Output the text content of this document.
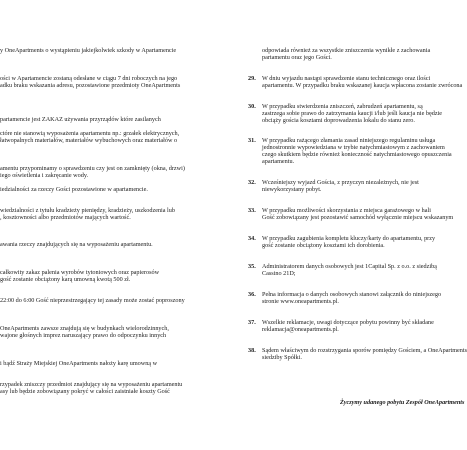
y OneApartments o wystąpieniu jakiejkolwiek szkody w Apartamencie
ości w Apartamencie zostaną odesłane w ciągu 7 dni roboczych na jego
adku braku wskazania adresu, pozostawione przedmioty OneApartments
partamencie jest ZAKAZ używania przyrządów które zasilanych
ctóre nie stanowią wyposażenia apartamentu np.: grzałek elektrycznych,
łatwopalnych materiałów, materiałów wybuchowych oraz materiałów o
amentu przypominamy o sprawdzeniu czy jest on zamknięty (okna, drzwi)
iego oświetlenia i zakręcanie wody.
iedzialności za rzeczy Gości pozostawione w apartamencie.
wiedzialności z tytułu kradzieży pieniędzy, kradzieży, uszkodzenia lub
, kosztowności albo przedmiotów mających wartość.
awania rzeczy znajdujących się na wyposażeniu apartamentu.
całkowity zakaz palenia wyrobów tytoniowych oraz papierosów
gość zostanie obciążony karą umowną kwotą 500 zł.
22:00 do 6:00 Gość nieprzestrzegający tej zasady może zostać poproszony
OneApartments zawsze znajdują się w budynkach wielorodzinnych,
wajone głośnych imprez naruszający prawo do odpoczynku innych
i bądź Straży Miejskiej OneApartments nałoży karę umowną w
rzypadek zniszczy przedmiot znajdujący się na wyposażeniu apartamentu
asy lub będzie zobowiązany pokryć w całości zaistniałe koszty Gość
odpowiada również za wszystkie zniszczenia wynikłe z zachowania
partamentu oraz jego Gości.
29. W dniu wyjazdu nastąpi sprawdzenie stanu technicznego oraz ilości
apartamentu. W przypadku braku wskazanej kaucja wpłacona zostanie zwrócona
30. W przypadku stwierdzenia zniszczeń, zabrudzeń apartamentu, są
zastrzega sobie prawo do zatrzymania kaucji i/lub jeśli kaucja nie będzie
obciąży gościa kosztami doprowadzenia lokalu do stanu zero.
31. W przypadku rażącego złamania zasad niniejszego regulaminu usługa
jednostronnie wypowiedziana w trybie natychmiastowym z zachowaniem
czego skutkiem będzie również konieczność natychmiastowego opuszczenia
apartamentu.
32. Wcześniejszy wyjazd Gościa, z przyczyn niezależnych, nie jest
niewykorzystany pobyt.
33. W przypadku możliwości skorzystania z miejsca garażowego w hali
Gość zobowiązany jest pozostawić samochód wyłącznie miejscu wskazanym
34. W przypadku zagubienia kompletu kluczy/karty do apartamentu, przy
gość zostanie obciążony kosztami ich dorobienia.
35. Administratorem danych osobowych jest 1Capital Sp. z o.o. z siedzibą
Cassino 21D;
36. Pełna informacja o danych osobowych stanowi załącznik do niniejszego
stronie www.oneapartments.pl.
37. Wszelkie reklamacje, uwagi dotyczące pobytu powinny być składane
reklamacja@oneapartments.pl.
38. Sądem właściwym do rozstrzygania sporów pomiędzy Gościem, a OneApartments
siedziby Spółki.
Życzymy udanego pobytu Zespół OneApartments
